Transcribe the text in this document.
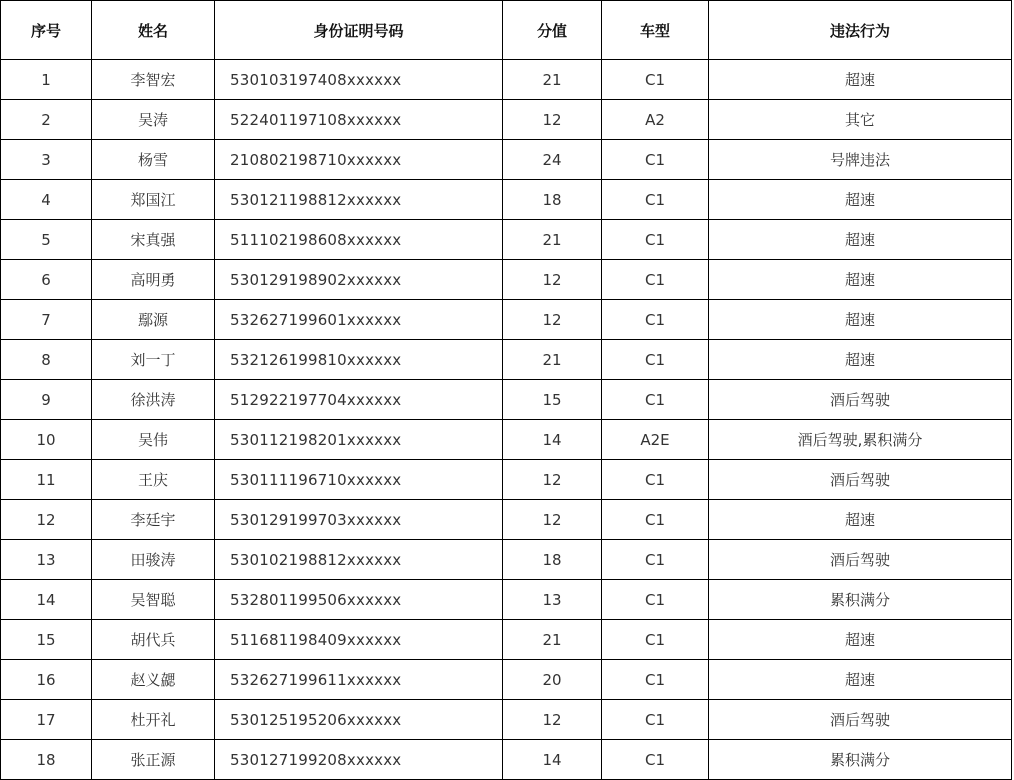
序号	姓名	身份证明号码	分值	车型	违法行为
1	李智宏	530103197408xxxxxx	21	C1	超速
2	吴涛	522401197108xxxxxx	12	A2	其它
3	杨雪	210802198710xxxxxx	24	C1	号牌违法
4	郑国江	530121198812xxxxxx	18	C1	超速
5	宋真强	511102198608xxxxxx	21	C1	超速
6	高明勇	530129198902xxxxxx	12	C1	超速
7	鄢源	532627199601xxxxxx	12	C1	超速
8	刘一丁	532126199810xxxxxx	21	C1	超速
9	徐洪涛	512922197704xxxxxx	15	C1	酒后驾驶
10	吴伟	530112198201xxxxxx	14	A2E	酒后驾驶,累积满分
11	王庆	530111196710xxxxxx	12	C1	酒后驾驶
12	李廷宇	530129199703xxxxxx	12	C1	超速
13	田骏涛	530102198812xxxxxx	18	C1	酒后驾驶
14	吴智聪	532801199506xxxxxx	13	C1	累积满分
15	胡代兵	511681198409xxxxxx	21	C1	超速
16	赵义勰	532627199611xxxxxx	20	C1	超速
17	杜开礼	530125195206xxxxxx	12	C1	酒后驾驶
18	张正源	530127199208xxxxxx	14	C1	累积满分
